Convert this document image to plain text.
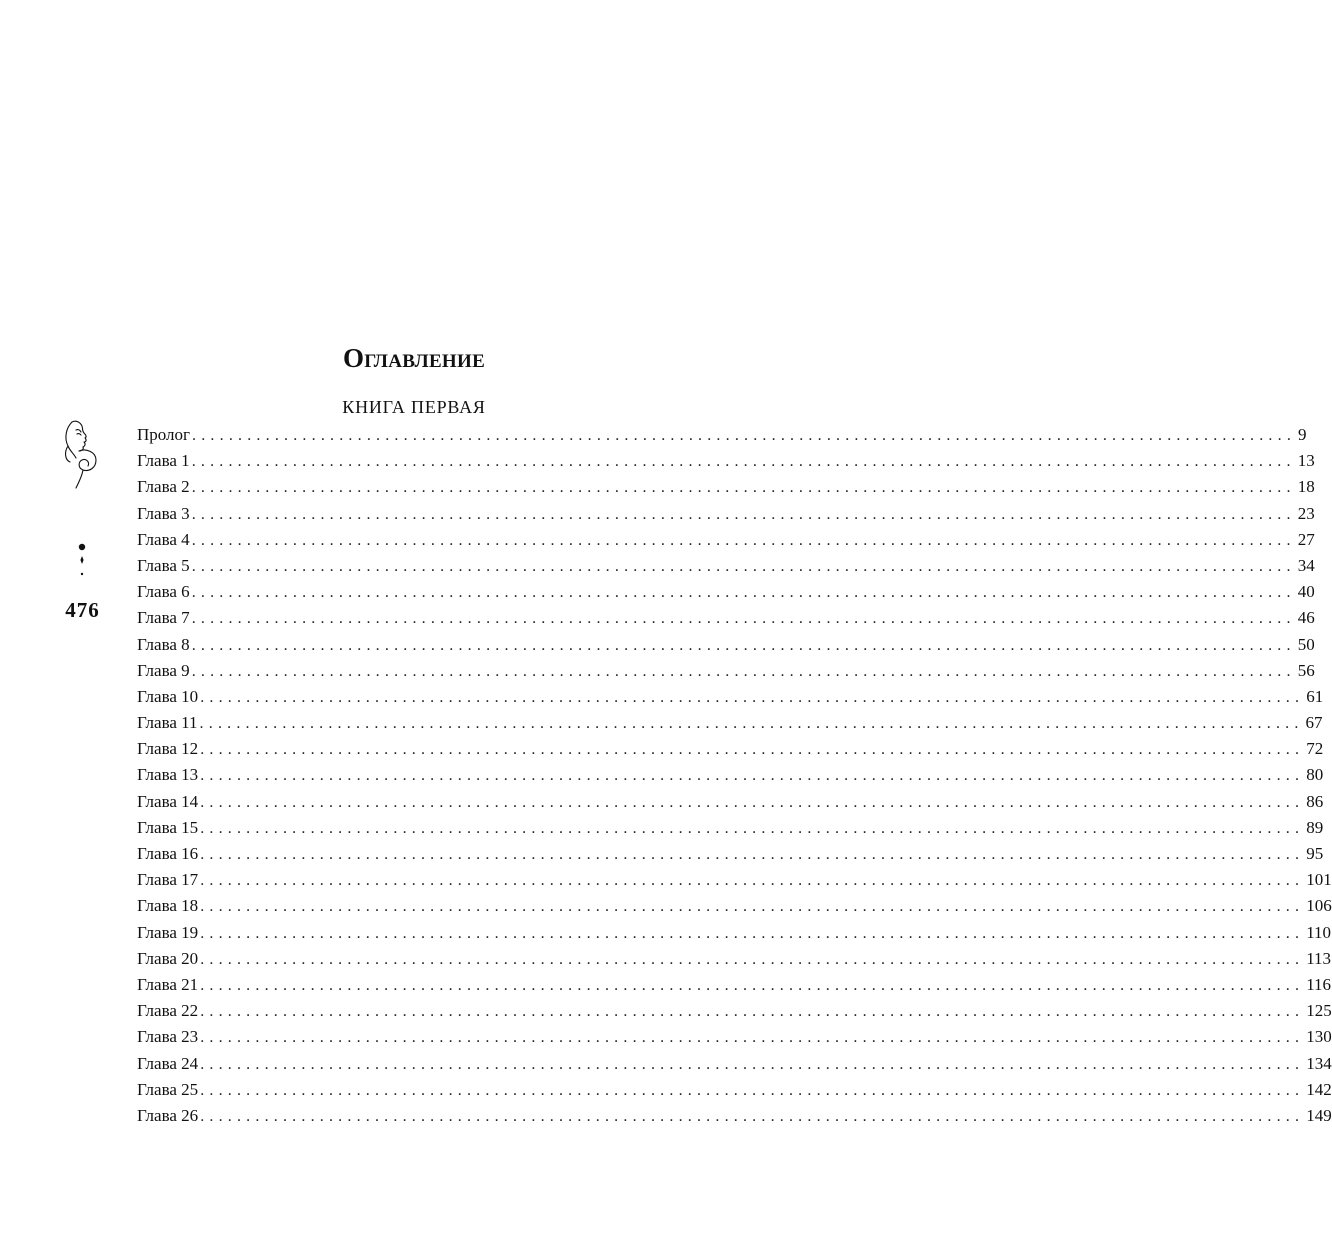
Оглавление
КНИГА ПЕРВАЯ
476
Пролог ........................................................................................................................ 9
Глава 1 ........................................................................................................................ 13
Глава 2 ........................................................................................................................ 18
Глава 3 ........................................................................................................................ 23
Глава 4 ........................................................................................................................ 27
Глава 5 ........................................................................................................................ 34
Глава 6 ........................................................................................................................ 40
Глава 7 ........................................................................................................................ 46
Глава 8 ........................................................................................................................ 50
Глава 9 ........................................................................................................................ 56
Глава 10 ........................................................................................................................ 61
Глава 11 ........................................................................................................................ 67
Глава 12 ........................................................................................................................ 72
Глава 13 ........................................................................................................................ 80
Глава 14 ........................................................................................................................ 86
Глава 15 ........................................................................................................................ 89
Глава 16 ........................................................................................................................ 95
Глава 17 ........................................................................................................................ 101
Глава 18 ........................................................................................................................ 106
Глава 19 ........................................................................................................................ 110
Глава 20 ........................................................................................................................ 113
Глава 21 ........................................................................................................................ 116
Глава 22 ........................................................................................................................ 125
Глава 23 ........................................................................................................................ 130
Глава 24 ........................................................................................................................ 134
Глава 25 ........................................................................................................................ 142
Глава 26 ........................................................................................................................ 149
